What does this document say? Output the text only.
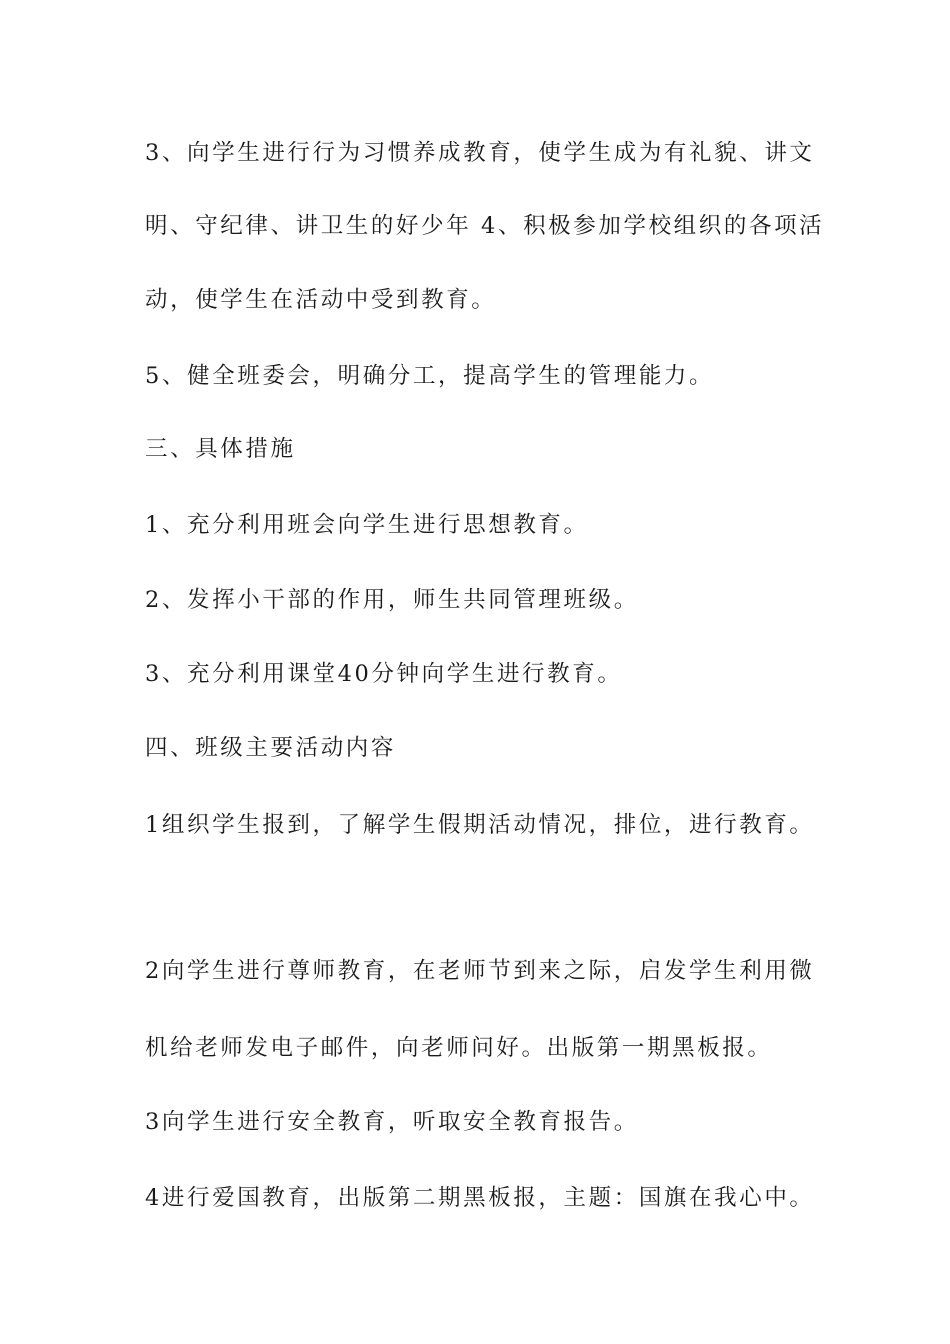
3、向学生进行行为习惯养成教育，使学生成为有礼貌、讲文
明、守纪律、讲卫生的好少年 4、积极参加学校组织的各项活
动，使学生在活动中受到教育。
5、健全班委会，明确分工，提高学生的管理能力。
三、具体措施
1、充分利用班会向学生进行思想教育。
2、发挥小干部的作用，师生共同管理班级。
3、充分利用课堂40分钟向学生进行教育。
四、班级主要活动内容
1组织学生报到，了解学生假期活动情况，排位，进行教育。
2向学生进行尊师教育，在老师节到来之际，启发学生利用微
机给老师发电子邮件，向老师问好。出版第一期黑板报。
3向学生进行安全教育，听取安全教育报告。
4进行爱国教育，出版第二期黑板报，主题：国旗在我心中。
